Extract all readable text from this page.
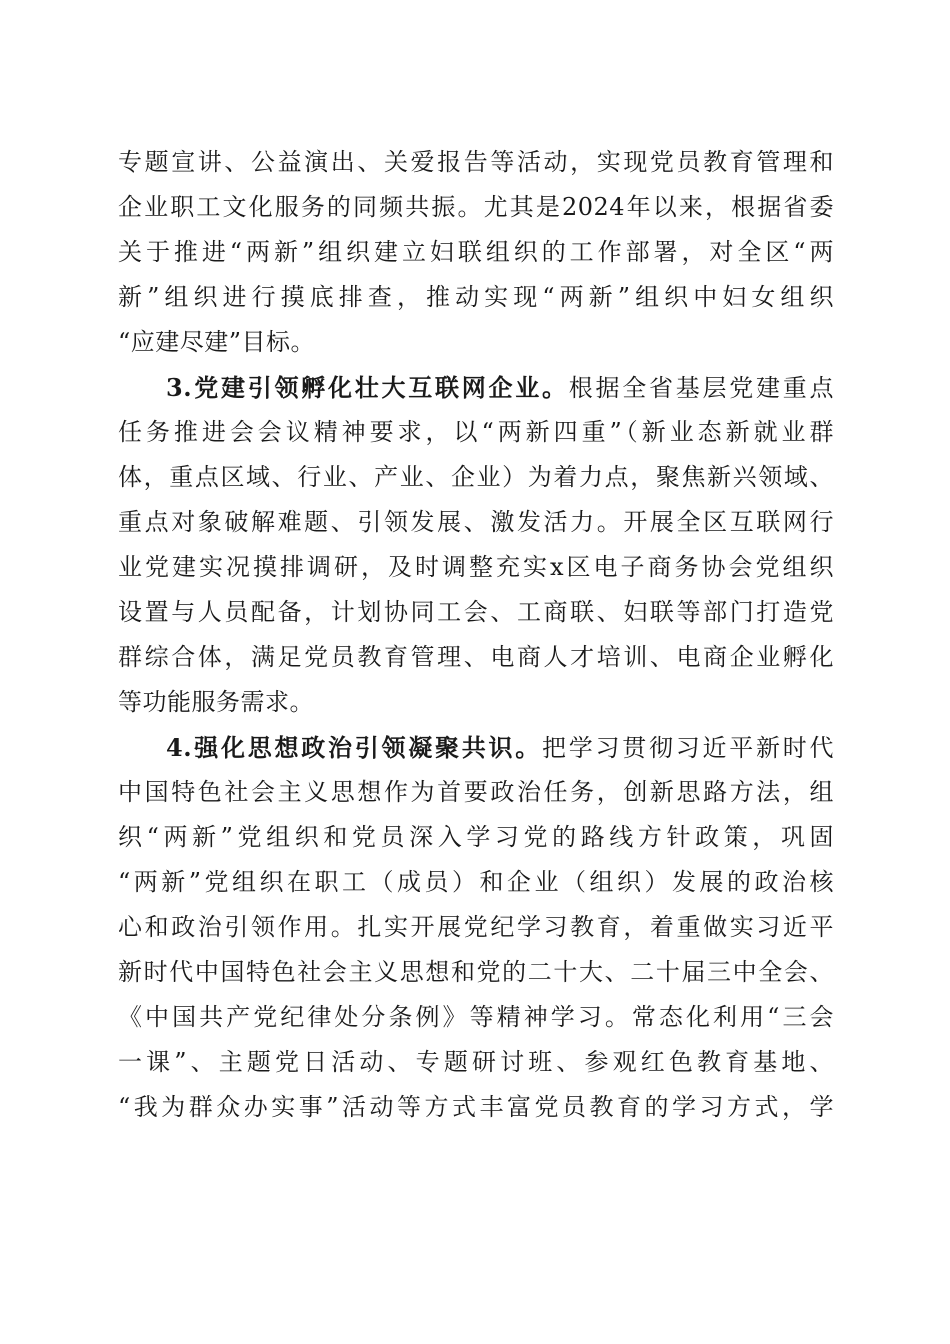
专题宣讲、公益演出、关爱报告等活动，实现党员教育管理和
企业职工文化服务的同频共振。尤其是2024年以来，根据省委
关于推进“两新”组织建立妇联组织的工作部署，对全区“两
新”组织进行摸底排查，推动实现“两新”组织中妇女组织
“应建尽建”目标。
3.党建引领孵化壮大互联网企业。根据全省基层党建重点
任务推进会会议精神要求，以“两新四重”（新业态新就业群
体，重点区域、行业、产业、企业）为着力点，聚焦新兴领域、
重点对象破解难题、引领发展、激发活力。开展全区互联网行
业党建实况摸排调研，及时调整充实x区电子商务协会党组织
设置与人员配备，计划协同工会、工商联、妇联等部门打造党
群综合体，满足党员教育管理、电商人才培训、电商企业孵化
等功能服务需求。
4.强化思想政治引领凝聚共识。把学习贯彻习近平新时代
中国特色社会主义思想作为首要政治任务，创新思路方法，组
织“两新”党组织和党员深入学习党的路线方针政策，巩固
“两新”党组织在职工（成员）和企业（组织）发展的政治核
心和政治引领作用。扎实开展党纪学习教育，着重做实习近平
新时代中国特色社会主义思想和党的二十大、二十届三中全会、
《中国共产党纪律处分条例》等精神学习。常态化利用“三会
一课”、主题党日活动、专题研讨班、参观红色教育基地、
“我为群众办实事”活动等方式丰富党员教育的学习方式，学
